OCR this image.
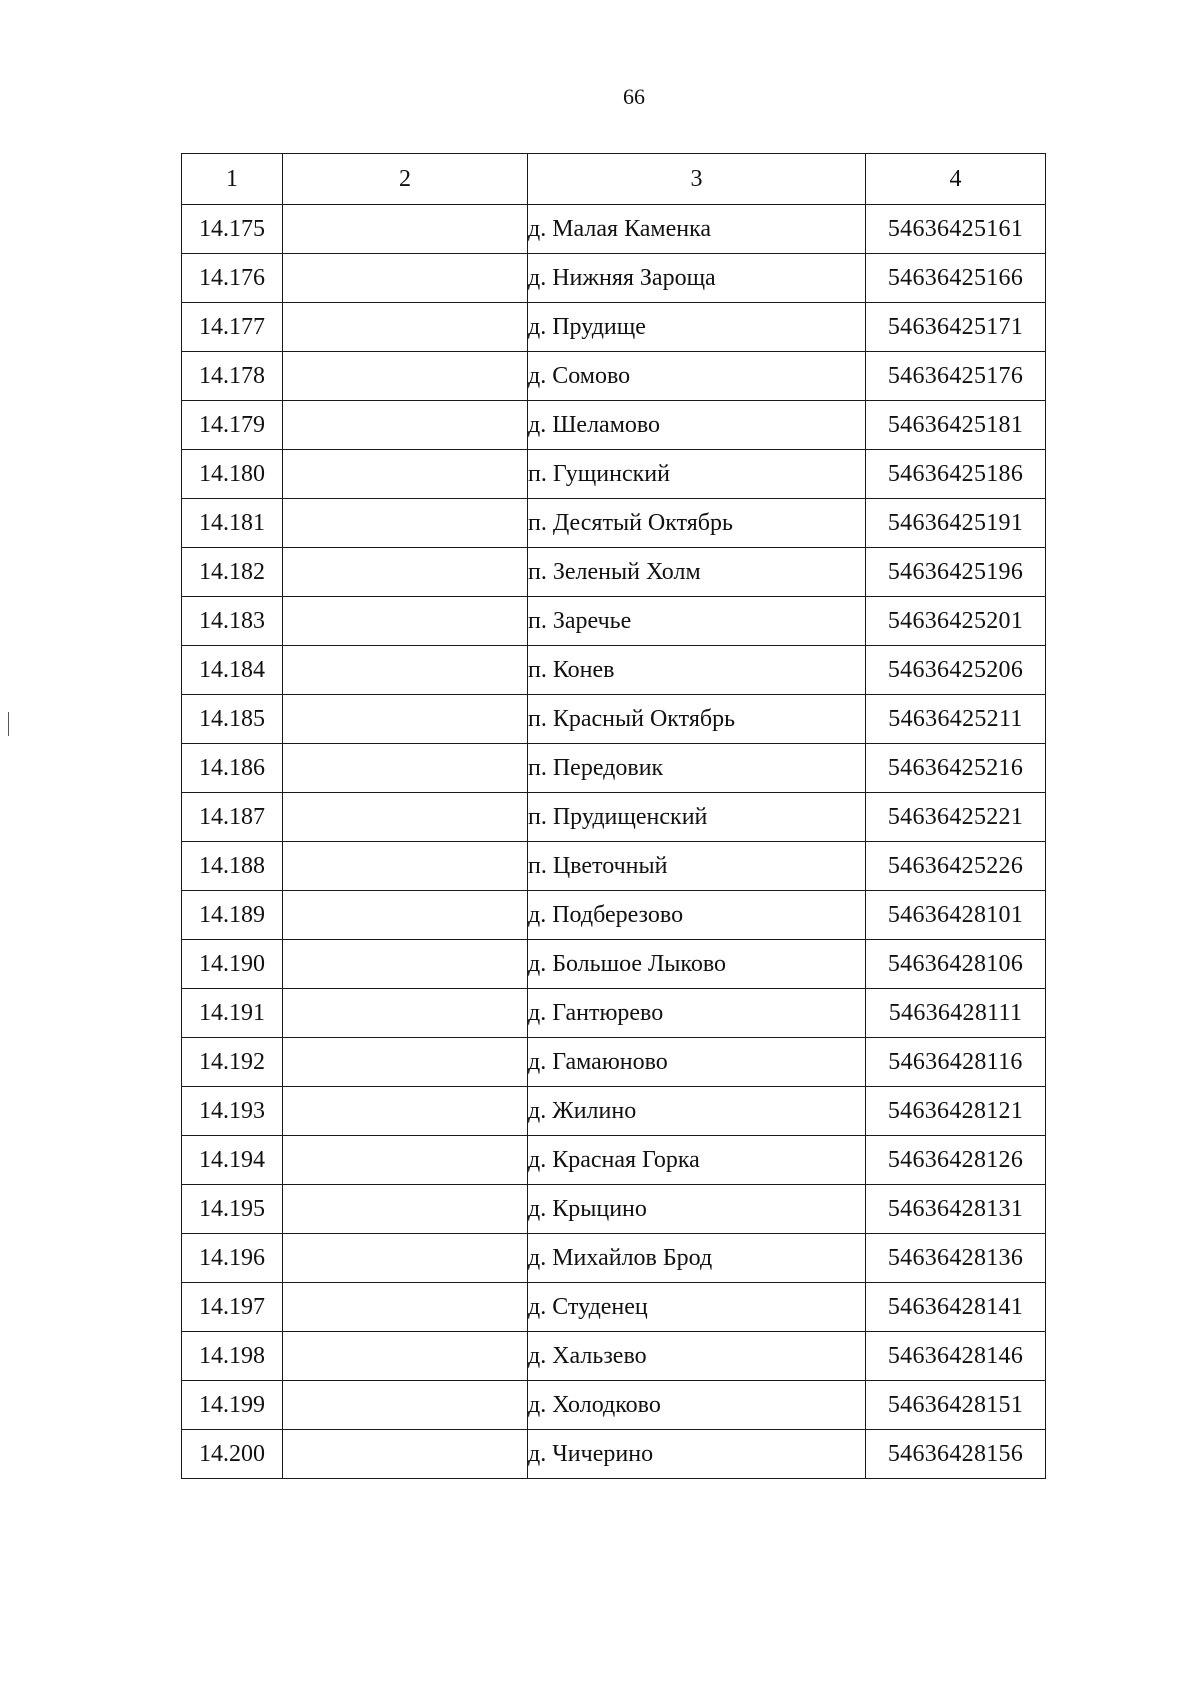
66
1	2	3	4
14.175		д. Малая Каменка	54636425161
14.176		д. Нижняя Зароща	54636425166
14.177		д. Прудище	54636425171
14.178		д. Сомово	54636425176
14.179		д. Шеламово	54636425181
14.180		п. Гущинский	54636425186
14.181		п. Десятый Октябрь	54636425191
14.182		п. Зеленый Холм	54636425196
14.183		п. Заречье	54636425201
14.184		п. Конев	54636425206
14.185		п. Красный Октябрь	54636425211
14.186		п. Передовик	54636425216
14.187		п. Прудищенский	54636425221
14.188		п. Цветочный	54636425226
14.189		д. Подберезово	54636428101
14.190		д. Большое Лыково	54636428106
14.191		д. Гантюрево	54636428111
14.192		д. Гамаюново	54636428116
14.193		д. Жилино	54636428121
14.194		д. Красная Горка	54636428126
14.195		д. Крыцино	54636428131
14.196		д. Михайлов Брод	54636428136
14.197		д. Студенец	54636428141
14.198		д. Хальзево	54636428146
14.199		д. Холодково	54636428151
14.200		д. Чичерино	54636428156
